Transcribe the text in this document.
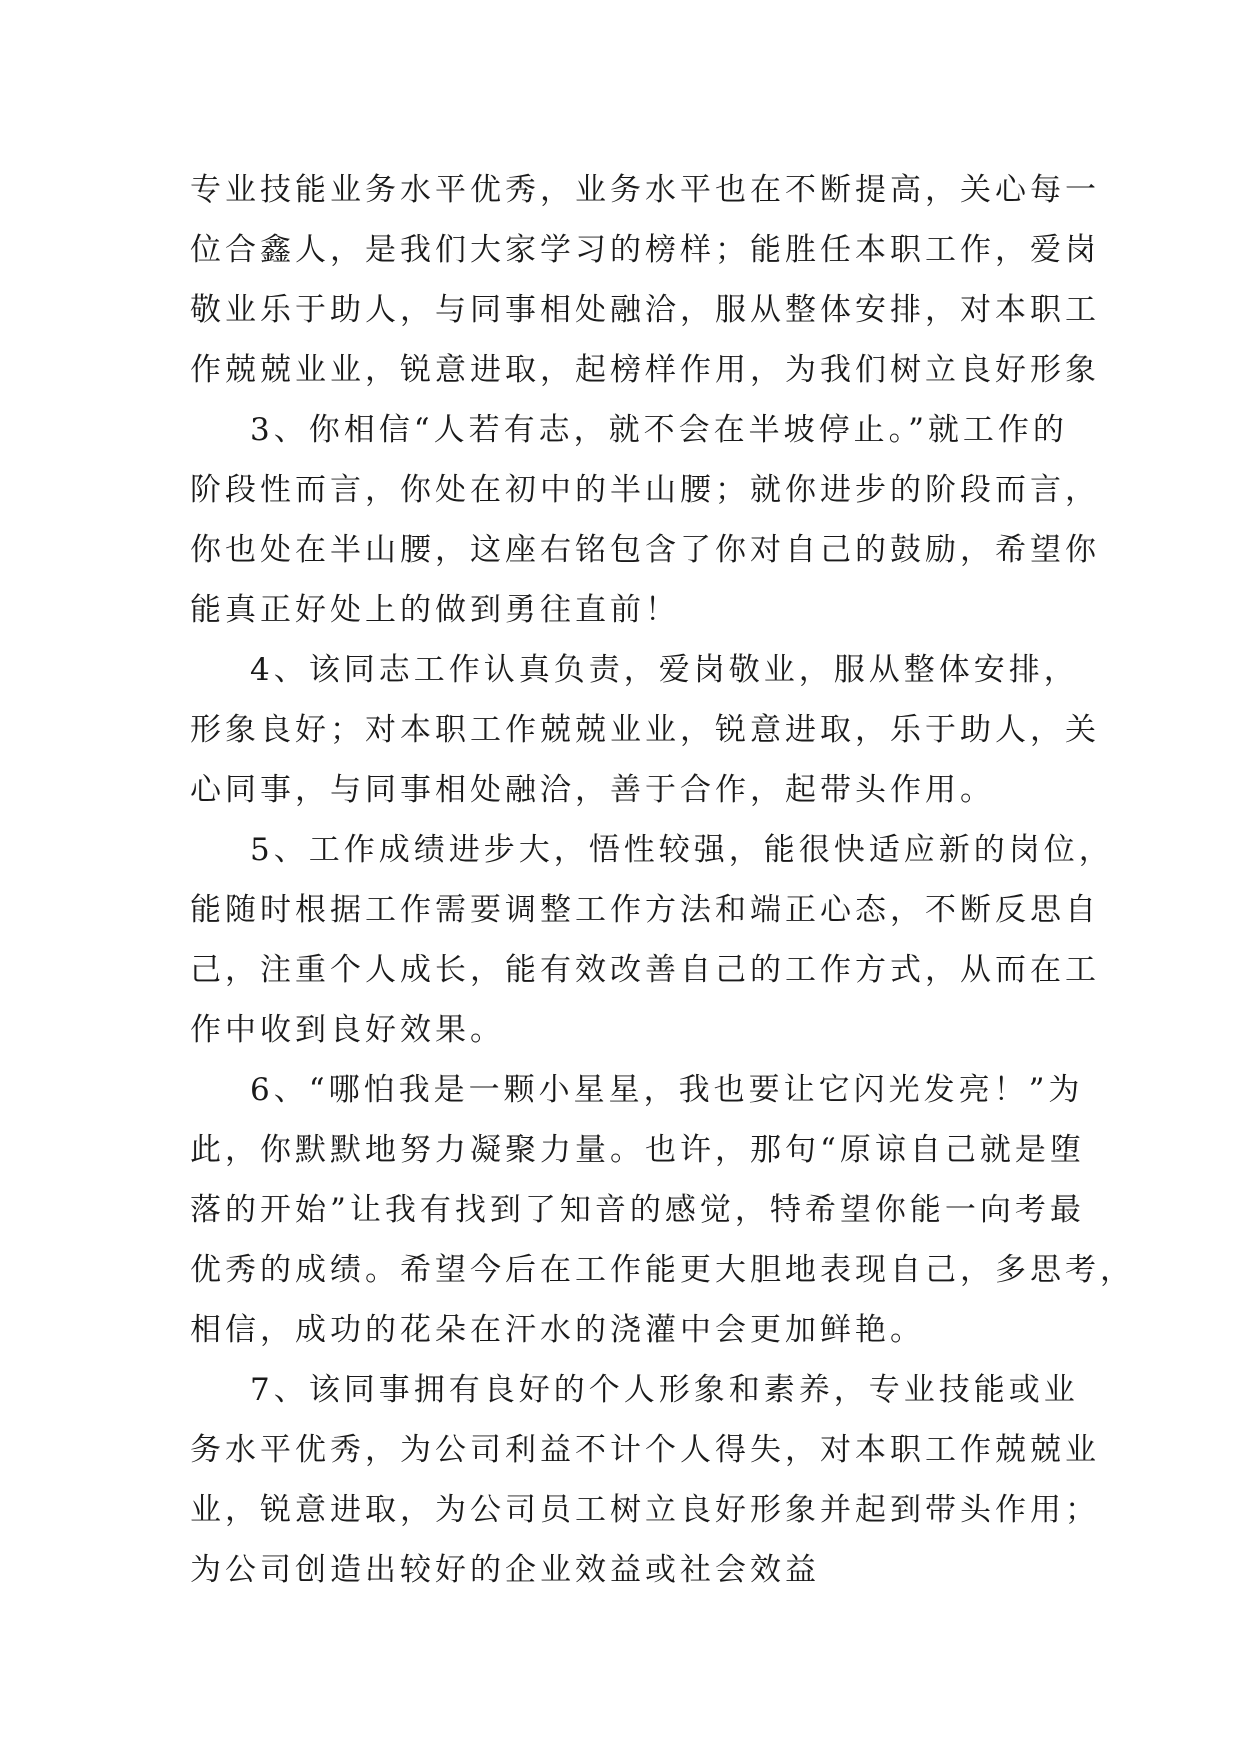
专业技能业务水平优秀，业务水平也在不断提高，关心每一
位合鑫人，是我们大家学习的榜样；能胜任本职工作，爱岗
敬业乐于助人，与同事相处融洽，服从整体安排，对本职工
作兢兢业业，锐意进取，起榜样作用，为我们树立良好形象
3、你相信“人若有志，就不会在半坡停止。”就工作的
阶段性而言，你处在初中的半山腰；就你进步的阶段而言，
你也处在半山腰，这座右铭包含了你对自己的鼓励，希望你
能真正好处上的做到勇往直前！
4、该同志工作认真负责，爱岗敬业，服从整体安排，
形象良好；对本职工作兢兢业业，锐意进取，乐于助人，关
心同事，与同事相处融洽，善于合作，起带头作用。
5、工作成绩进步大，悟性较强，能很快适应新的岗位，
能随时根据工作需要调整工作方法和端正心态，不断反思自
己，注重个人成长，能有效改善自己的工作方式，从而在工
作中收到良好效果。
6、“哪怕我是一颗小星星，我也要让它闪光发亮！”为
此，你默默地努力凝聚力量。也许，那句“原谅自己就是堕
落的开始”让我有找到了知音的感觉，特希望你能一向考最
优秀的成绩。希望今后在工作能更大胆地表现自己，多思考，
相信，成功的花朵在汗水的浇灌中会更加鲜艳。
7、该同事拥有良好的个人形象和素养，专业技能或业
务水平优秀，为公司利益不计个人得失，对本职工作兢兢业
业，锐意进取，为公司员工树立良好形象并起到带头作用；
为公司创造出较好的企业效益或社会效益
